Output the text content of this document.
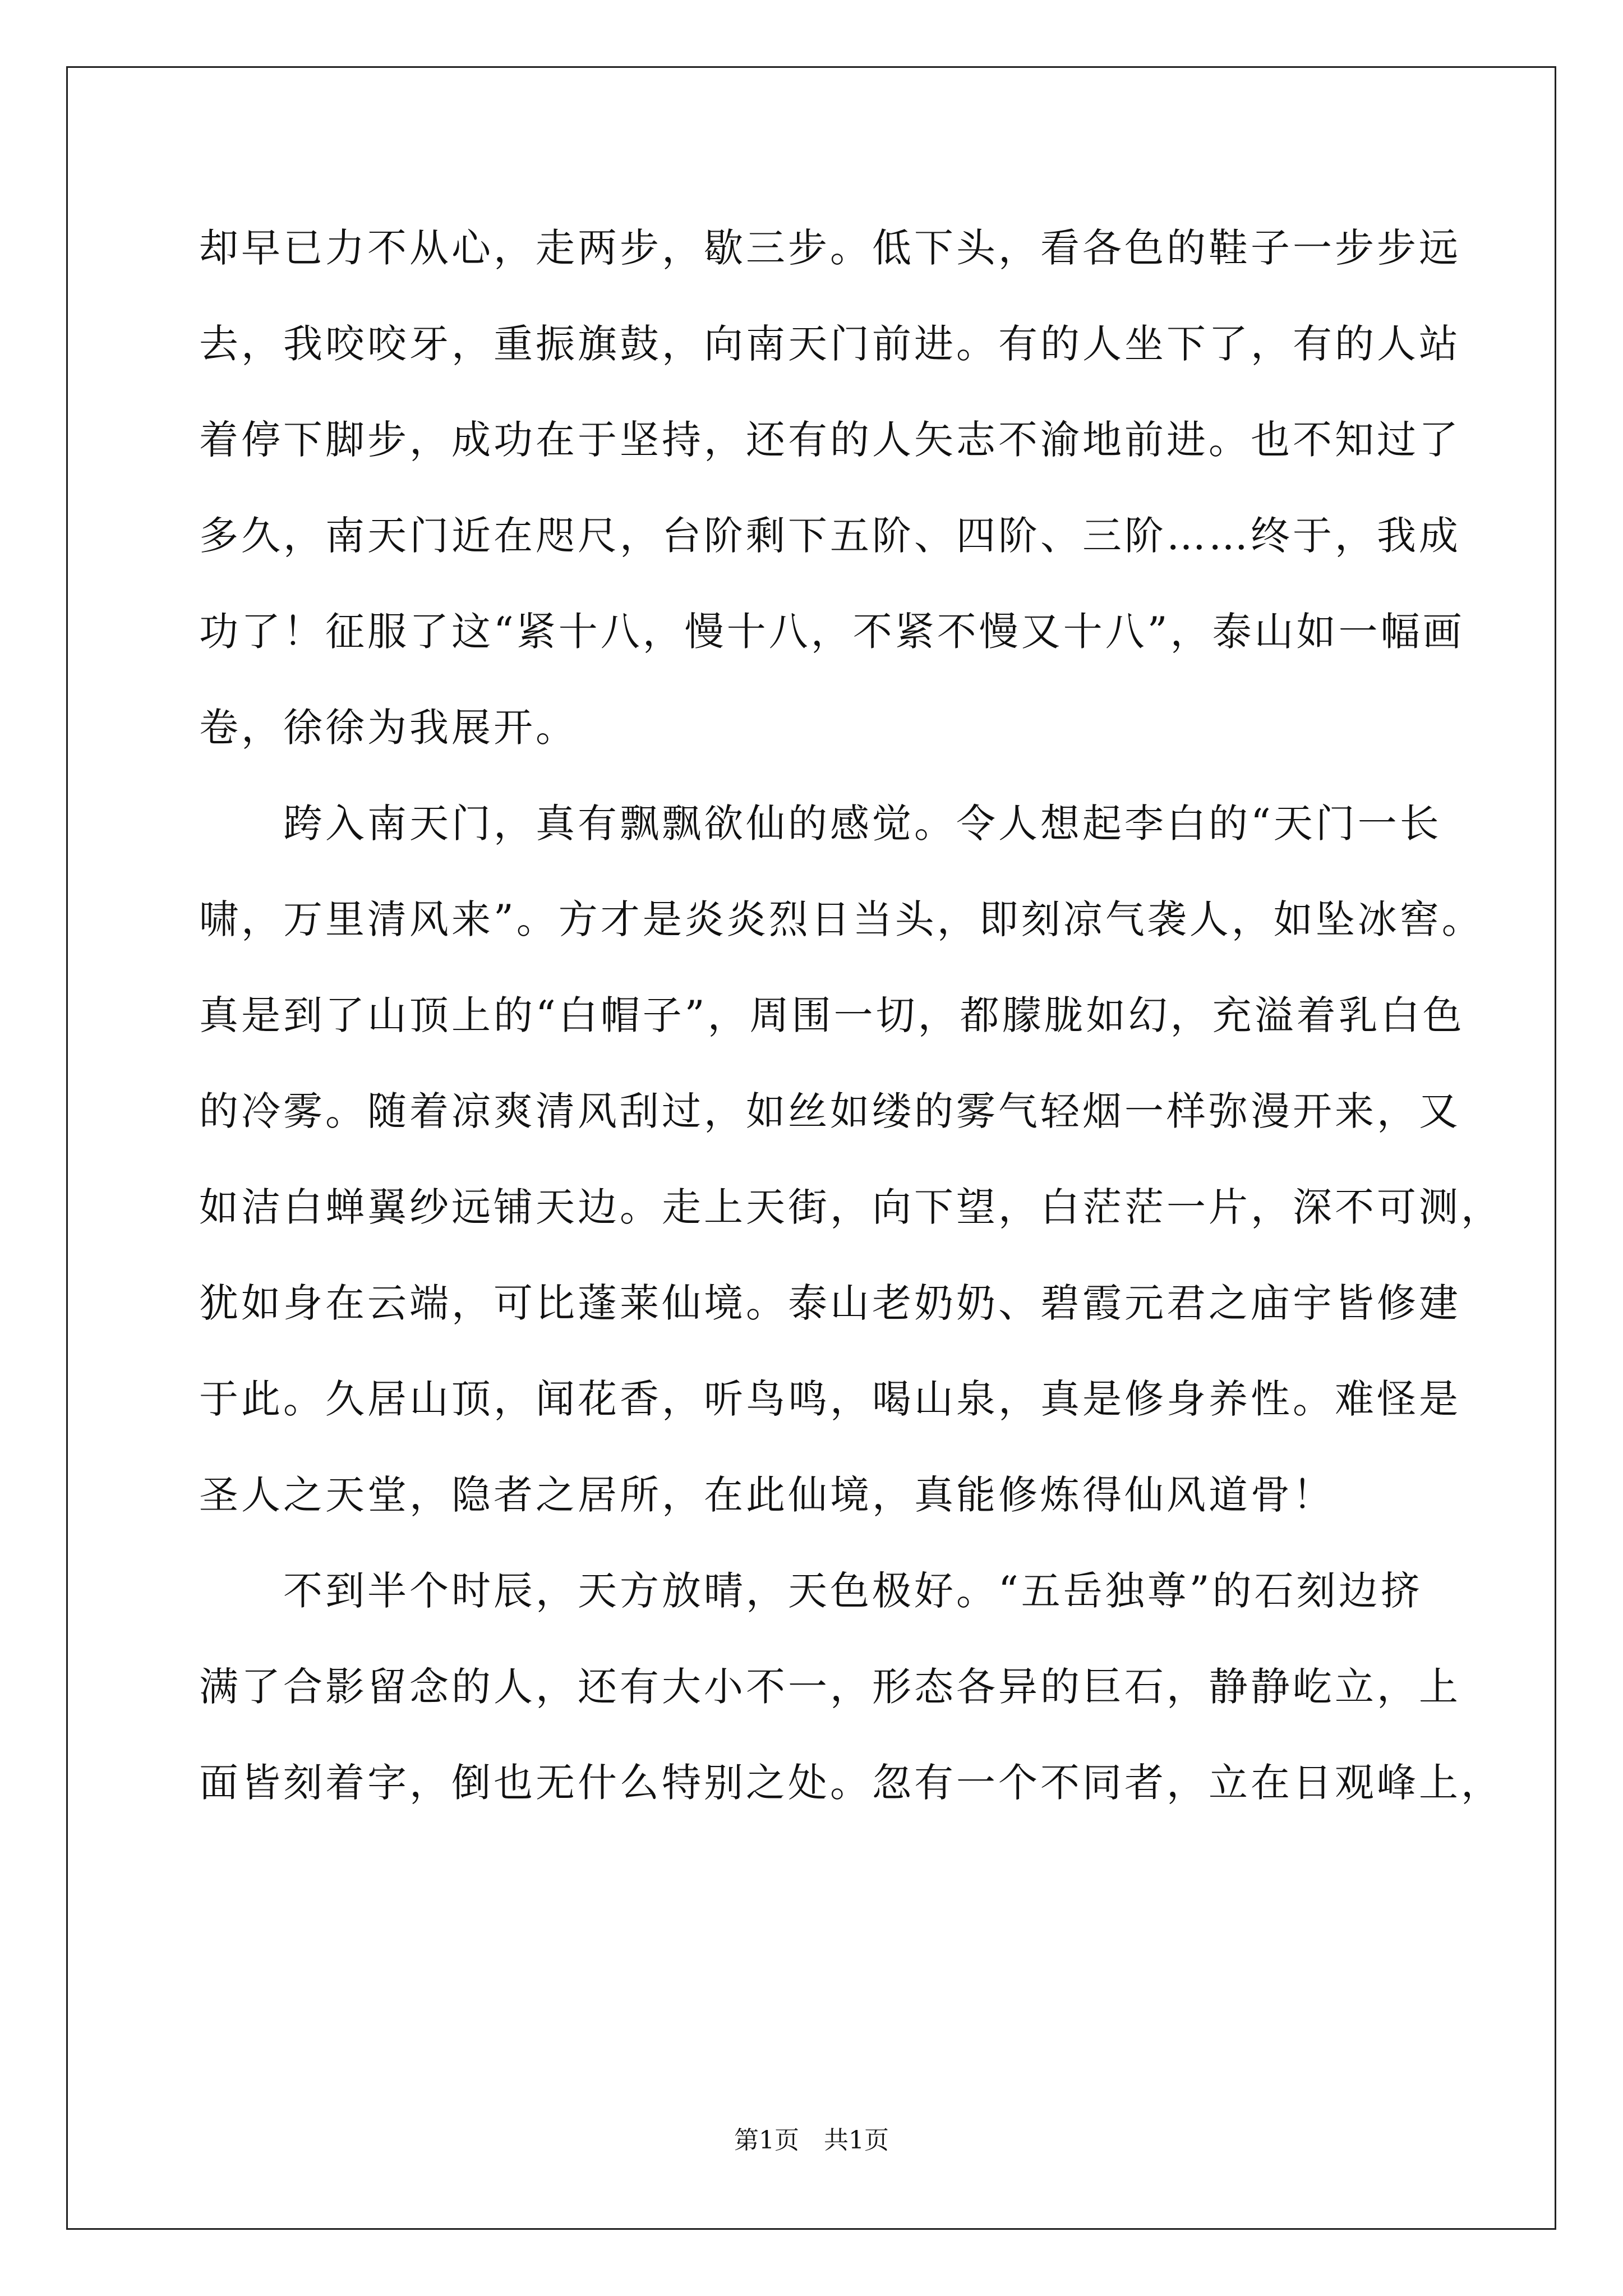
却早已力不从心，走两步，歇三步。低下头，看各色的鞋子一步步远
去，我咬咬牙，重振旗鼓，向南天门前进。有的人坐下了，有的人站
着停下脚步，成功在于坚持，还有的人矢志不渝地前进。也不知过了
多久，南天门近在咫尺，台阶剩下五阶、四阶、三阶……终于，我成
功了！征服了这“紧十八，慢十八，不紧不慢又十八”，泰山如一幅画
卷，徐徐为我展开。
　　跨入南天门，真有飘飘欲仙的感觉。令人想起李白的“天门一长
啸，万里清风来”。方才是炎炎烈日当头，即刻凉气袭人，如坠冰窖。
真是到了山顶上的“白帽子”，周围一切，都朦胧如幻，充溢着乳白色
的冷雾。随着凉爽清风刮过，如丝如缕的雾气轻烟一样弥漫开来，又
如洁白蝉翼纱远铺天边。走上天街，向下望，白茫茫一片，深不可测，
犹如身在云端，可比蓬莱仙境。泰山老奶奶、碧霞元君之庙宇皆修建
于此。久居山顶，闻花香，听鸟鸣，喝山泉，真是修身养性。难怪是
圣人之天堂，隐者之居所，在此仙境，真能修炼得仙风道骨！
　　不到半个时辰，天方放晴，天色极好。“五岳独尊”的石刻边挤
满了合影留念的人，还有大小不一，形态各异的巨石，静静屹立，上
面皆刻着字，倒也无什么特别之处。忽有一个不同者，立在日观峰上，
第1页　共1页
